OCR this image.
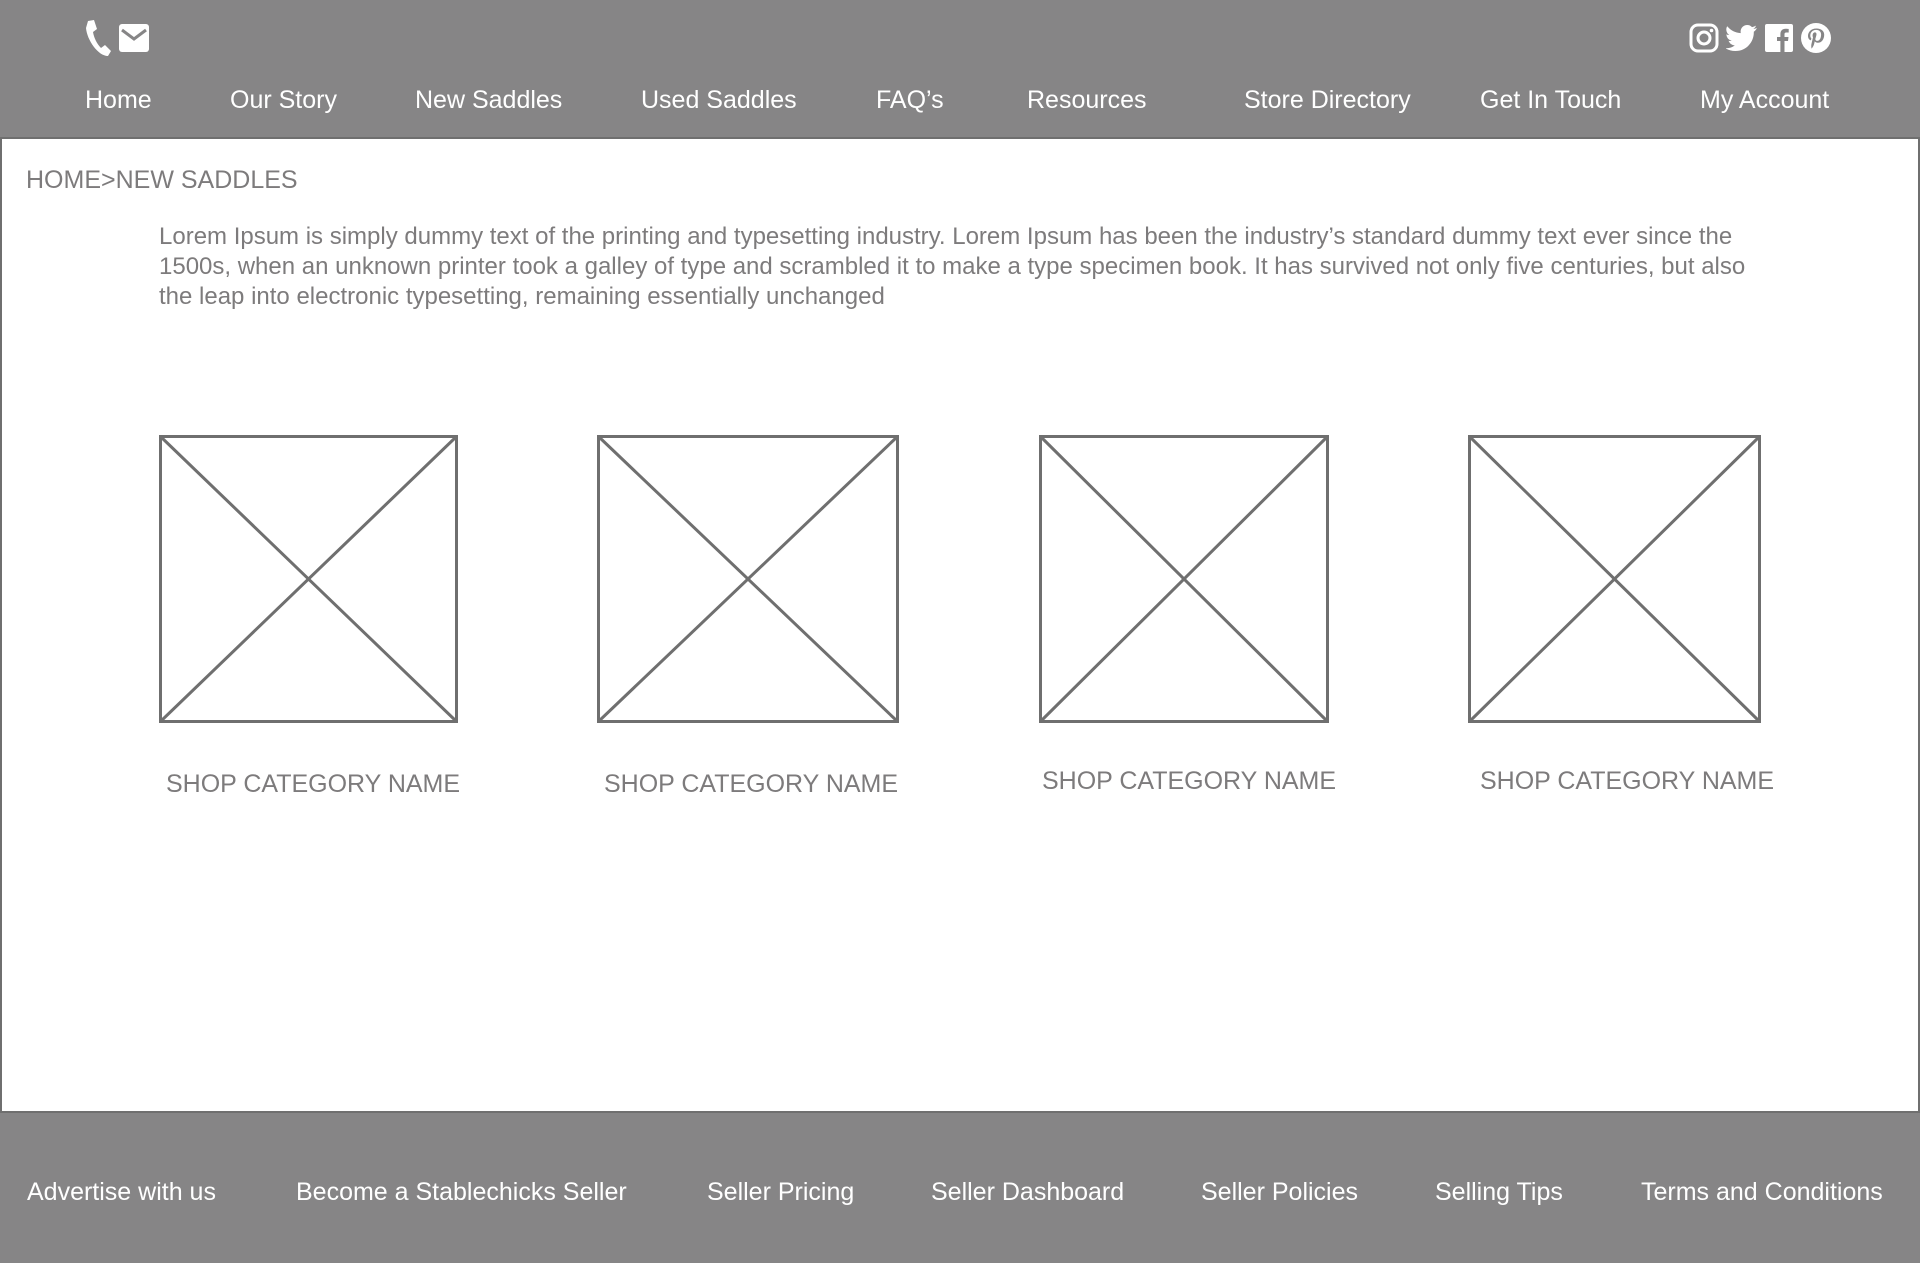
Home	Our Story	New Saddles	Used Saddles	FAQ’s	Resources	Store Directory	Get In Touch	My Account
HOME>NEW SADDLES

Lorem Ipsum is simply dummy text of the printing and typesetting industry. Lorem Ipsum has been the industry’s standard dummy text ever since the 1500s, when an unknown printer took a galley of type and scrambled it to make a type specimen book. It has survived not only five centuries, but also the leap into electronic typesetting, remaining essentially unchanged

SHOP CATEGORY NAME	SHOP CATEGORY NAME	SHOP CATEGORY NAME	SHOP CATEGORY NAME
Advertise with us	Become a Stablechicks Seller	Seller Pricing	Seller Dashboard	Seller Policies	Selling Tips	Terms and Conditions
